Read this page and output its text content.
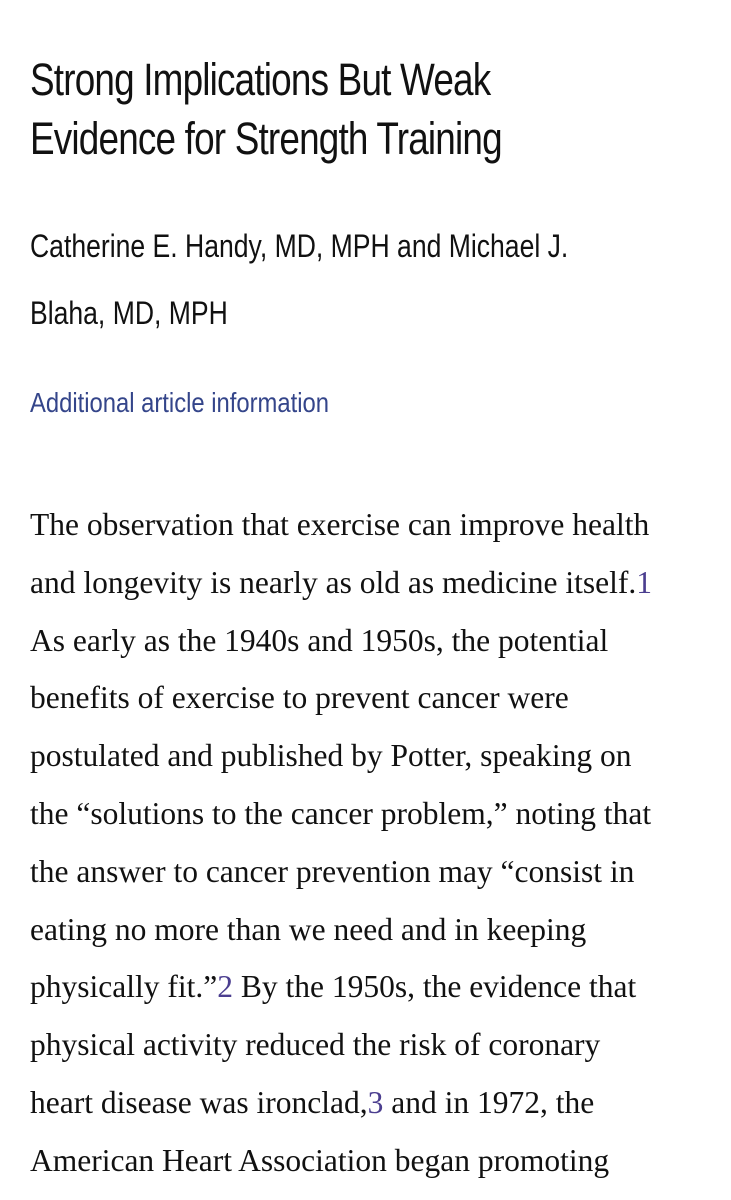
Strong Implications But Weak
Evidence for Strength Training

Catherine E. Handy, MD, MPH and Michael J.
Blaha, MD, MPH

Additional article information

The observation that exercise can improve health
and longevity is nearly as old as medicine itself.1
As early as the 1940s and 1950s, the potential
benefits of exercise to prevent cancer were
postulated and published by Potter, speaking on
the “solutions to the cancer problem,” noting that
the answer to cancer prevention may “consist in
eating no more than we need and in keeping
physically fit.”2 By the 1950s, the evidence that
physical activity reduced the risk of coronary
heart disease was ironclad,3 and in 1972, the
American Heart Association began promoting
